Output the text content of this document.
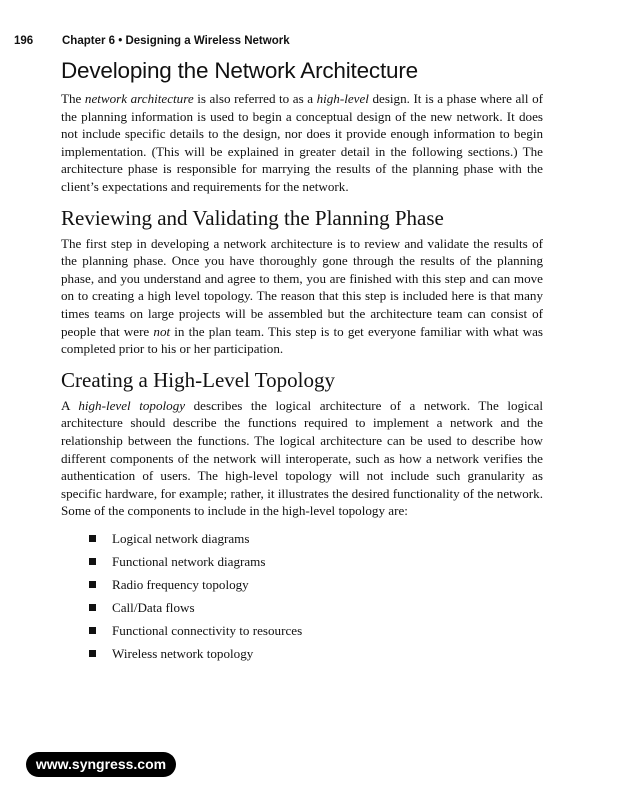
196	Chapter 6 • Designing a Wireless Network
Developing the Network Architecture

The network architecture is also referred to as a high-level design. It is a phase where all of the planning information is used to begin a conceptual design of the new network. It does not include specific details to the design, nor does it provide enough information to begin implementation. (This will be explained in greater detail in the following sections.) The architecture phase is responsible for marrying the results of the planning phase with the client’s expectations and requirements for the network.

Reviewing and Validating the Planning Phase

The first step in developing a network architecture is to review and validate the results of the planning phase. Once you have thoroughly gone through the results of the planning phase, and you understand and agree to them, you are finished with this step and can move on to creating a high level topology. The reason that this step is included here is that many times teams on large projects will be assembled but the architecture team can consist of people that were not in the plan team. This step is to get everyone familiar with what was completed prior to his or her participation.

Creating a High-Level Topology

A high-level topology describes the logical architecture of a network. The logical architecture should describe the functions required to implement a network and the relationship between the functions. The logical architecture can be used to describe how different components of the network will interoperate, such as how a network verifies the authentication of users. The high-level topology will not include such granularity as specific hardware, for example; rather, it illustrates the desired functionality of the network. Some of the components to include in the high-level topology are:

Logical network diagrams
Functional network diagrams
Radio frequency topology
Call/Data flows
Functional connectivity to resources
Wireless network topology
www.syngress.com
